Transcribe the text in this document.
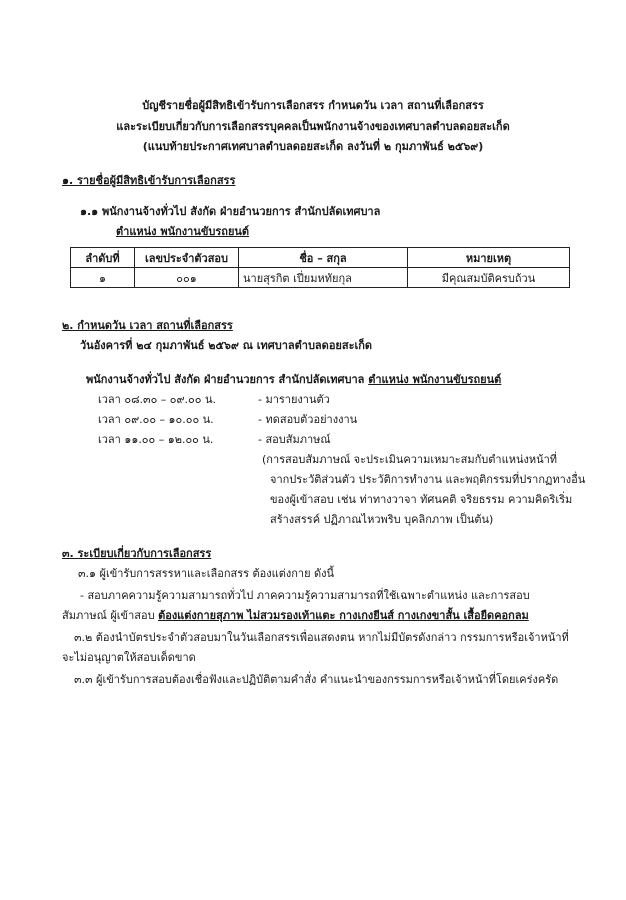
บัญชีรายชื่อผู้มีสิทธิเข้ารับการเลือกสรร กำหนดวัน เวลา สถานที่เลือกสรร
และระเบียบเกี่ยวกับการเลือกสรรบุคคลเป็นพนักงานจ้างของเทศบาลตำบลดอยสะเก็ด
(แนบท้ายประกาศเทศบาลตำบลดอยสะเก็ด ลงวันที่ ๒ กุมภาพันธ์ ๒๕๖๙)
๑. รายชื่อผู้มีสิทธิเข้ารับการเลือกสรร
๑.๑ พนักงานจ้างทั่วไป สังกัด ฝ่ายอำนวยการ สำนักปลัดเทศบาล
ตำแหน่ง พนักงานขับรถยนต์
ลำดับที่	เลขประจำตัวสอบ	ชื่อ – สกุล	หมายเหตุ
๑	๐๐๑	นายสุรกิต เปี่ยมหทัยกุล	มีคุณสมบัติครบถ้วน
๒. กำหนดวัน เวลา สถานที่เลือกสรร
วันอังคารที่ ๒๔ กุมภาพันธ์ ๒๕๖๙ ณ เทศบาลตำบลดอยสะเก็ด
พนักงานจ้างทั่วไป สังกัด ฝ่ายอำนวยการ สำนักปลัดเทศบาล ตำแหน่ง พนักงานขับรถยนต์
เวลา ๐๘.๓๐ – ๐๙.๐๐ น.	- มารายงานตัว
เวลา ๐๙.๐๐ – ๑๐.๐๐ น.	- ทดสอบตัวอย่างงาน
เวลา ๑๑.๐๐ – ๑๒.๐๐ น.	- สอบสัมภาษณ์
(การสอบสัมภาษณ์ จะประเมินความเหมาะสมกับตำแหน่งหน้าที่
จากประวัติส่วนตัว ประวัติการทำงาน และพฤติกรรมที่ปรากฏทางอื่น
ของผู้เข้าสอบ เช่น ท่าทางวาจา ทัศนคติ จริยธรรม ความคิดริเริ่ม
สร้างสรรค์ ปฏิภาณไหวพริบ บุคลิกภาพ เป็นต้น)
๓. ระเบียบเกี่ยวกับการเลือกสรร
๓.๑ ผู้เข้ารับการสรรหาและเลือกสรร ต้องแต่งกาย ดังนี้
- สอบภาคความรู้ความสามารถทั่วไป ภาคความรู้ความสามารถที่ใช้เฉพาะตำแหน่ง และการสอบ
สัมภาษณ์ ผู้เข้าสอบ ต้องแต่งกายสุภาพ ไม่สวมรองเท้าแตะ กางเกงยีนส์ กางเกงขาสั้น เสื้อยืดคอกลม
๓.๒ ต้องนำบัตรประจำตัวสอบมาในวันเลือกสรรเพื่อแสดงตน หากไม่มีบัตรดังกล่าว กรรมการหรือเจ้าหน้าที่
จะไม่อนุญาตให้สอบเด็ดขาด
๓.๓ ผู้เข้ารับการสอบต้องเชื่อฟังและปฏิบัติตามคำสั่ง คำแนะนำของกรรมการหรือเจ้าหน้าที่โดยเคร่งครัด
